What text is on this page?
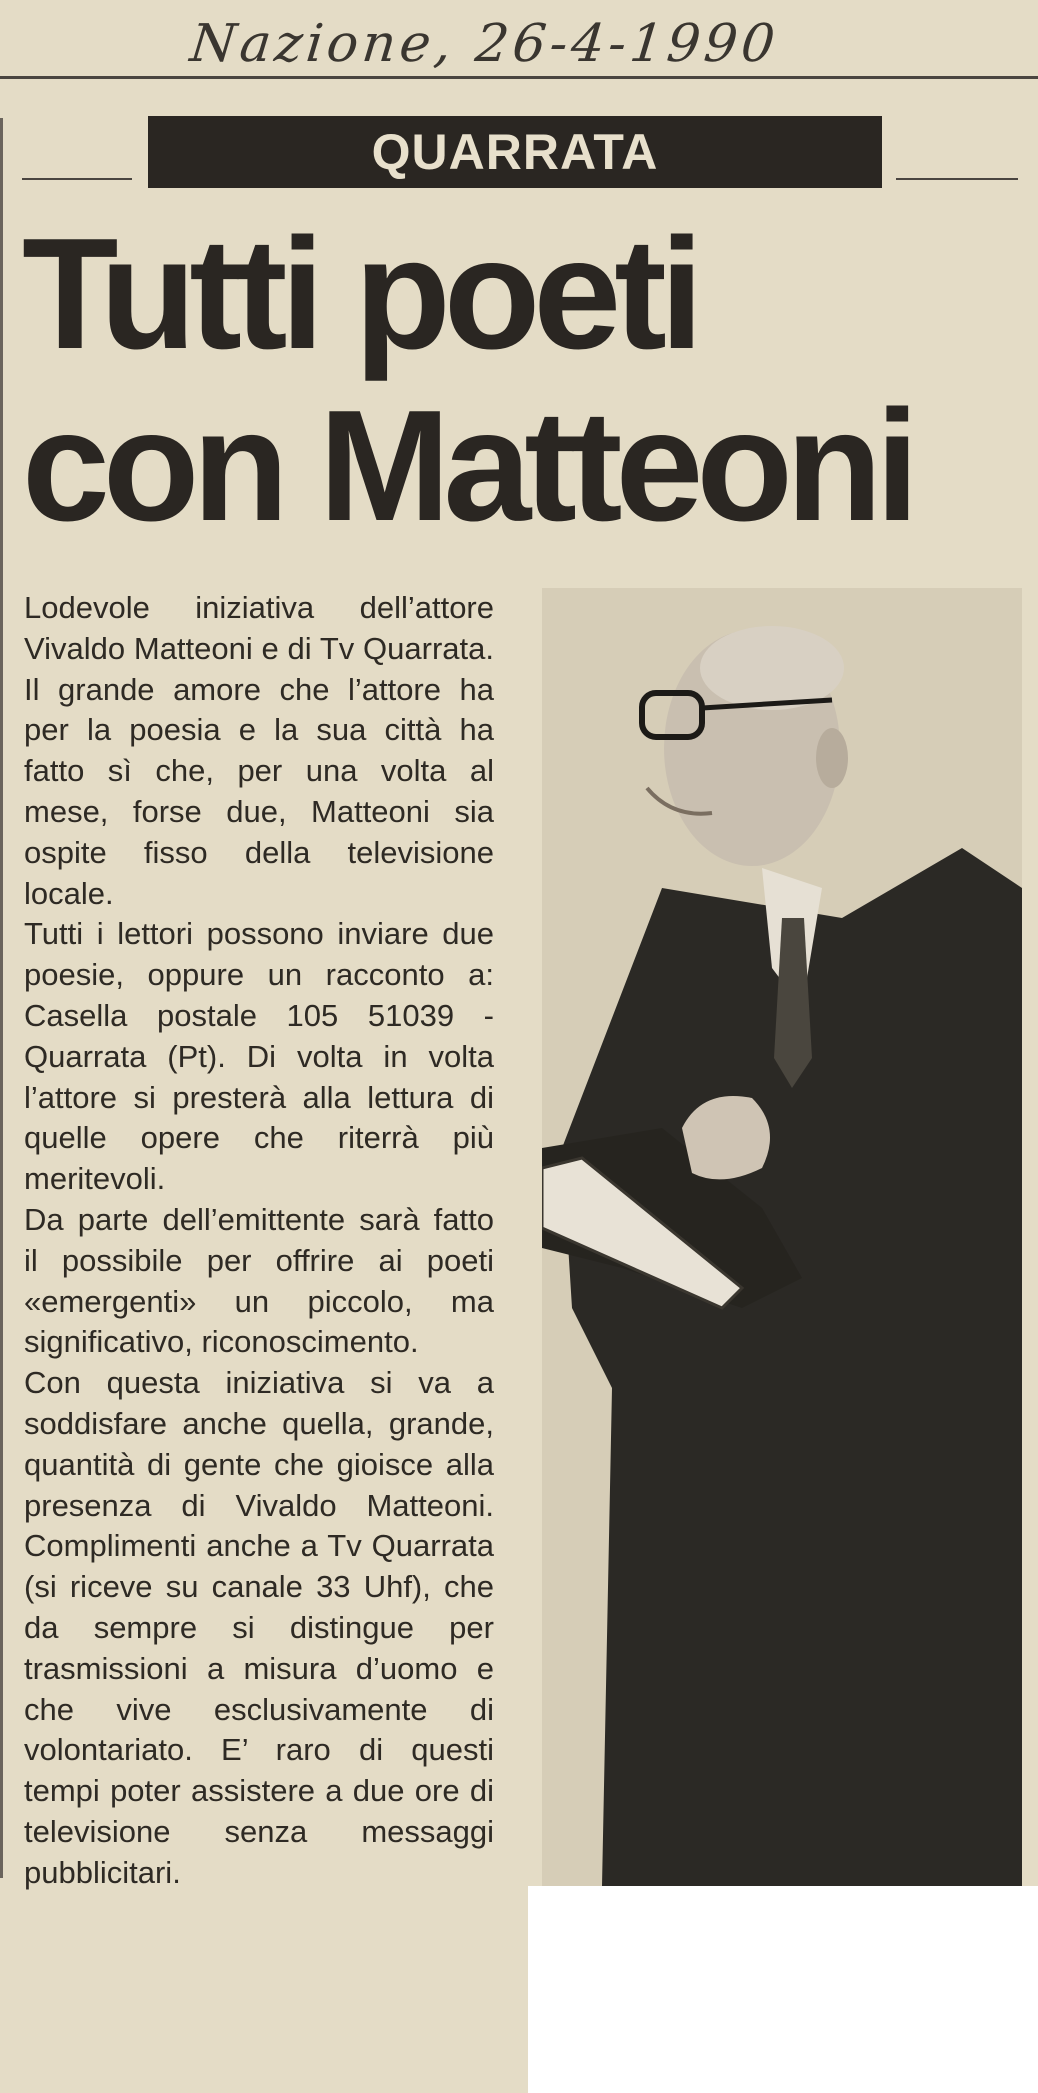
Nazione, 26-4-1990
QUARRATA
Tutti poeti
con Matteoni

Lodevole iniziativa dell’attore Vivaldo Matteoni e di Tv Quarrata. Il grande amore che l’attore ha per la poesia e la sua città ha fatto sì che, per una volta al mese, forse due, Matteoni sia ospite fisso della televisione locale.

Tutti i lettori possono inviare due poesie, oppure un racconto a: Casella postale 105 51039 - Quarrata (Pt). Di volta in volta l’attore si presterà alla lettura di quelle opere che riterrà più meritevoli.

Da parte dell’emittente sarà fatto il possibile per offrire ai poeti «emergenti» un piccolo, ma significativo, riconoscimento.

Con questa iniziativa si va a soddisfare anche quella, grande, quantità di gente che gioisce alla presenza di Vivaldo Matteoni. Complimenti anche a Tv Quarrata (si riceve su canale 33 Uhf), che da sempre si distingue per trasmissioni a misura d’uomo e che vive esclusivamente di volontariato. E’ raro di questi tempi poter assistere a due ore di televisione senza messaggi pubblicitari.
